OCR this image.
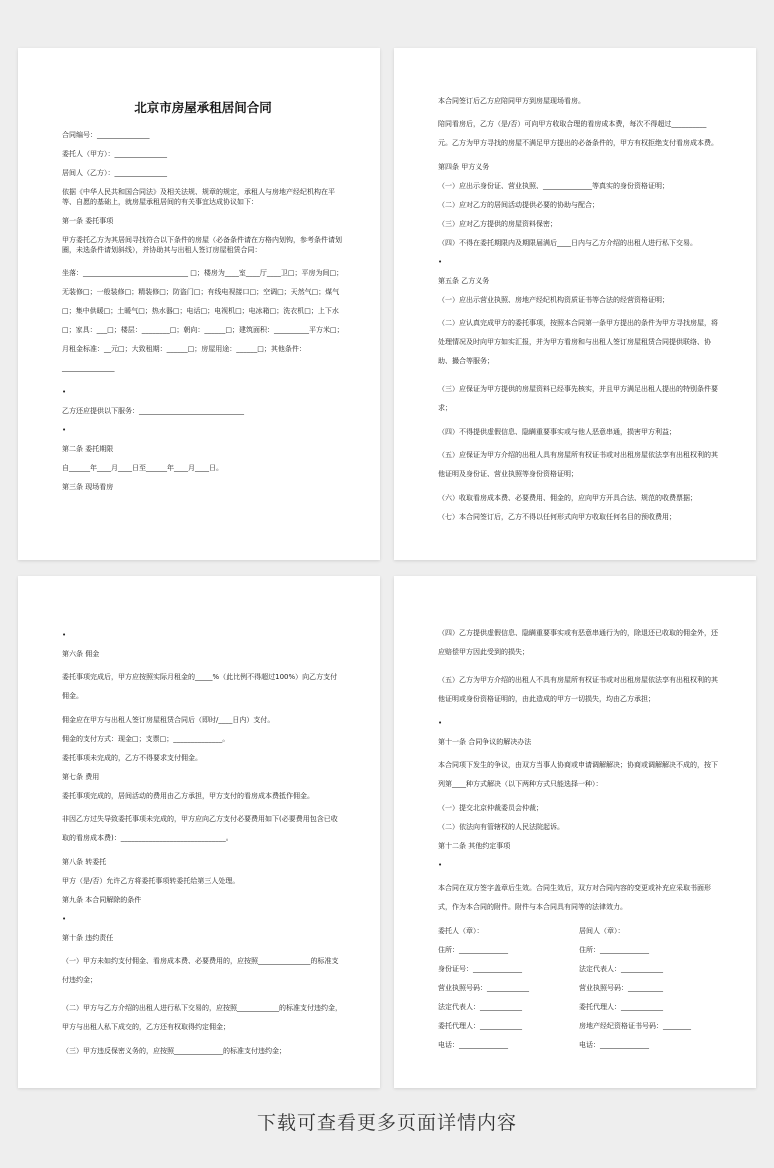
北京市房屋承租居间合同

合同编号：_______________

委托人（甲方）：_______________

居间人（乙方）：_______________

依据《中华人民共和国合同法》及相关法规、规章的规定，承租人与房地产经纪机构在平等、自愿的基础上，就房屋承租居间的有关事宜达成协议如下：

第一条 委托事项

甲方委托乙方为其居间寻找符合以下条件的房屋（必备条件请在方格内划钩，参考条件请划圈，未选条件请划斜线），并协助其与出租人签订房屋租赁合同：

坐落：______________________________ □；楼房为____室____厅____卫□；平房为间□；无装修□；一般装修□；精装修□；防盗门□；有线电视接口□；空调□；天然气□；煤气□；集中供暖□；土暖气□；热水器□；电话□；电视机□；电冰箱□；洗衣机□；上下水□；家具：___□；楼层：________□；朝向：______□；建筑面积：__________平方米□；月租金标准：__元□；大致租期：______□；房屋用途：______□；其他条件：_______________

•

乙方还应提供以下服务：______________________________

•

第二条 委托期限

自______年____月____日至______年____月____日。

第三条 现场看房

本合同签订后乙方应陪同甲方到房屋现场看房。

陪同看房后，乙方（是/否）可向甲方收取合理的看房成本费，每次不得超过__________元。乙方为甲方寻找的房屋不满足甲方提出的必备条件的，甲方有权拒绝支付看房成本费。

第四条 甲方义务

（一）应出示身份证、营业执照、______________等真实的身份资格证明；

（二）应对乙方的居间活动提供必要的协助与配合；

（三）应对乙方提供的房屋资料保密；

（四）不得在委托期限内及期限届满后____日内与乙方介绍的出租人进行私下交易。

•

第五条 乙方义务

（一）应出示营业执照、房地产经纪机构资质证书等合法的经营资格证明；

（二）应认真完成甲方的委托事项，按照本合同第一条甲方提出的条件为甲方寻找房屋，将处理情况及时向甲方如实汇报，并为甲方看房和与出租人签订房屋租赁合同提供联络、协助、撮合等服务；

（三）应保证为甲方提供的房屋资料已经事先核实，并且甲方满足出租人提出的特别条件要求；

（四）不得提供虚假信息、隐瞒重要事实或与他人恶意串通，损害甲方利益；

（五）应保证为甲方介绍的出租人具有房屋所有权证书或对出租房屋依法享有出租权利的其他证明及身份证、营业执照等身份资格证明；

（六）收取看房成本费、必要费用、佣金的，应向甲方开具合法、规范的收费票据；

（七）本合同签订后，乙方不得以任何形式向甲方收取任何名目的预收费用；

•

第六条 佣金

委托事项完成后，甲方应按照实际月租金的_____%（此比例不得超过100%）向乙方支付佣金。

佣金应在甲方与出租人签订房屋租赁合同后（即时/____日内）支付。

佣金的支付方式：现金□；支票□；______________。

委托事项未完成的，乙方不得要求支付佣金。

第七条 费用

委托事项完成的，居间活动的费用由乙方承担，甲方支付的看房成本费抵作佣金。

非因乙方过失导致委托事项未完成的，甲方应向乙方支付必要费用如下(必要费用包含已收取的看房成本费)：______________________________。

第八条 转委托

甲方（是/否）允许乙方将委托事项转委托给第三人处理。

第九条 本合同解除的条件

•

第十条 违约责任

（一）甲方未如约支付佣金、看房成本费、必要费用的，应按照_______________的标准支付违约金；

（二）甲方与乙方介绍的出租人进行私下交易的，应按照____________的标准支付违约金，甲方与出租人私下成交的，乙方还有权取得约定佣金；

（三）甲方违反保密义务的，应按照______________的标准支付违约金；

（四）乙方提供虚假信息、隐瞒重要事实或有恶意串通行为的，除退还已收取的佣金外，还应赔偿甲方因此受到的损失；

（五）乙方为甲方介绍的出租人不具有房屋所有权证书或对出租房屋依法享有出租权利的其他证明或身份资格证明的，由此造成的甲方一切损失，均由乙方承担；

•

第十一条 合同争议的解决办法

本合同项下发生的争议，由双方当事人协商或申请调解解决；协商或调解解决不成的，按下列第____种方式解决（以下两种方式只能选择一种）：

（一）提交北京仲裁委员会仲裁；

（二）依法向有管辖权的人民法院起诉。

第十二条 其他约定事项

•

本合同在双方签字盖章后生效。合同生效后，双方对合同内容的变更或补充应采取书面形式，作为本合同的附件。附件与本合同具有同等的法律效力。

委托人（章）：	居间人（章）：
住所：______________	住所：______________
身份证号：______________	法定代表人：____________
营业执照号码：____________	营业执照号码：__________
法定代表人：____________	委托代理人：____________
委托代理人：____________	房地产经纪资格证书号码：________
电话：______________	电话：______________
下载可查看更多页面详情内容
